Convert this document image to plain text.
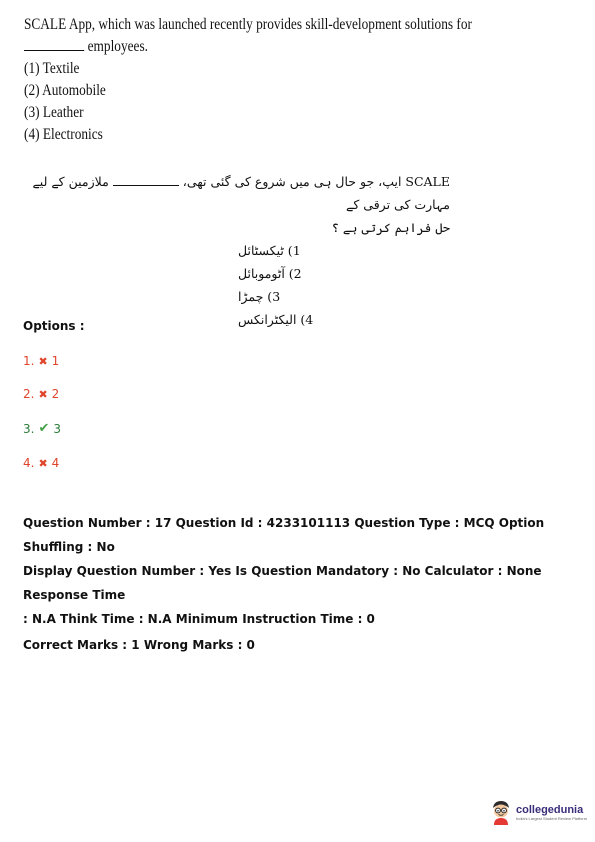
SCALE App, which was launched recently provides skill-development solutions for
employees.
(1) Textile
(2) Automobile
(3) Leather
(4) Electronics
SCALE ایپ، جو حال ہی میں شروع کی گئی تھی،ملازمین کے لیے مہارت کی ترقی کے
حل فراہم کرتی ہے ؟
1) ٹیکسٹائل
2) آٹوموبائل
3) چمڑا
4) الیکٹرانکس
Options :
1. ✖ 1
2. ✖ 2
3. ✔ 3
4. ✖ 4

Question Number : 17 Question Id : 4233101113 Question Type : MCQ Option Shuffling : No

Display Question Number : Yes Is Question Mandatory : No Calculator : None Response Time

: N.A Think Time : N.A Minimum Instruction Time : 0

Correct Marks : 1 Wrong Marks : 0

collegedunia
India's Largest Student Review Platform
